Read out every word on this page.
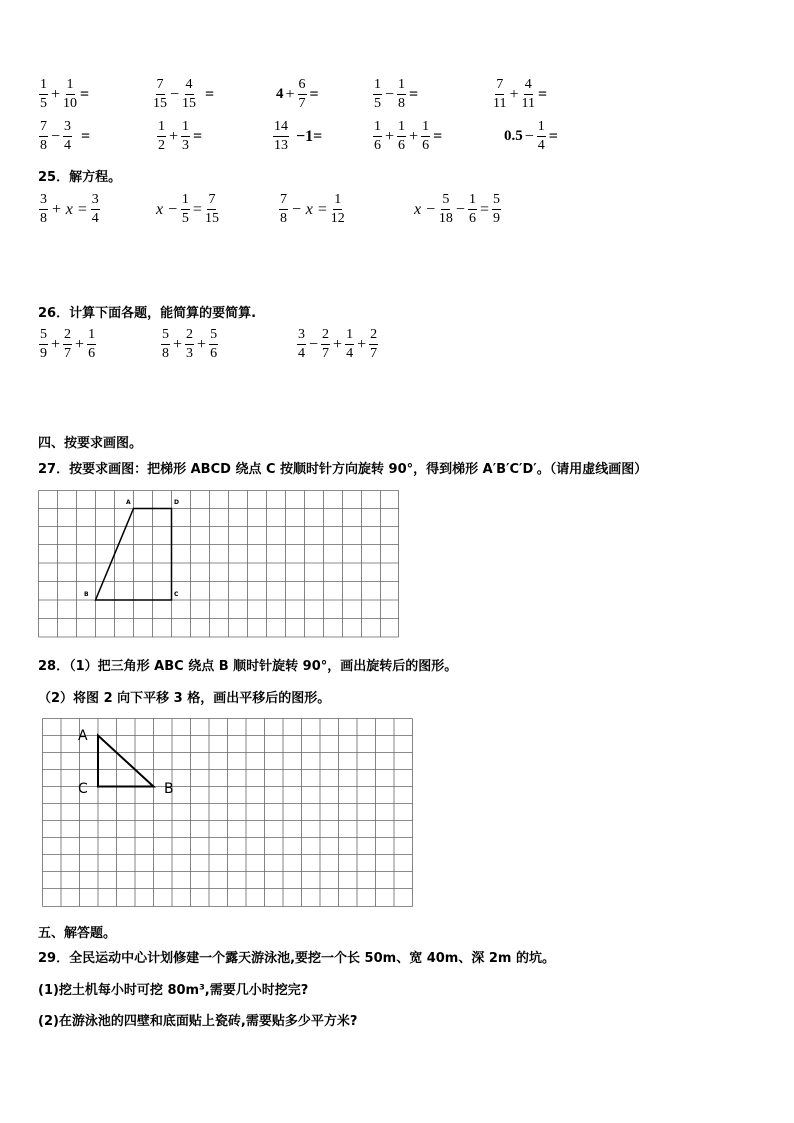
$\frac{1}{5} + \frac{1}{10}$ =	$\frac{7}{15} - \frac{4}{15}$ =	$4 + \frac{6}{7}$ =	$\frac{1}{5} - \frac{1}{8}$ =	$\frac{7}{11} + \frac{4}{11}$ =
$\frac{7}{8} - \frac{3}{4}$ =	$\frac{1}{2} + \frac{1}{3}$ =	$\frac{14}{13} -1=$	$\frac{1}{6} + \frac{1}{6} + \frac{1}{6}$ =	$0.5 - \frac{1}{4}$ =
25．解方程。
$\frac{3}{8} + x = \frac{3}{4}$	$x - \frac{1}{5} = \frac{7}{15}$	$\frac{7}{8} - x = \frac{1}{12}$	$x - \frac{5}{18} - \frac{1}{6} = \frac{5}{9}$
26．计算下面各题，能简算的要简算.
$\frac{5}{9} + \frac{2}{7} + \frac{1}{6}$	$\frac{5}{8} + \frac{2}{3} + \frac{5}{6}$	$\frac{3}{4} - \frac{2}{7} + \frac{1}{4} + \frac{2}{7}$
四、按要求画图。
27．按要求画图：把梯形 ABCD 绕点 C 按顺时针方向旋转 90°，得到梯形 A′B′C′D′。（请用虚线画图）
A	D
B	C
28．（1）把三角形 ABC 绕点 B 顺时针旋转 90°，画出旋转后的图形。
（2）将图 2 向下平移 3 格，画出平移后的图形。
A
C	B
五、解答题。
29．全民运动中心计划修建一个露天游泳池,要挖一个长 50m、宽 40m、深 2m 的坑。
(1)挖土机每小时可挖 80m³,需要几小时挖完?
(2)在游泳池的四壁和底面贴上瓷砖,需要贴多少平方米?
